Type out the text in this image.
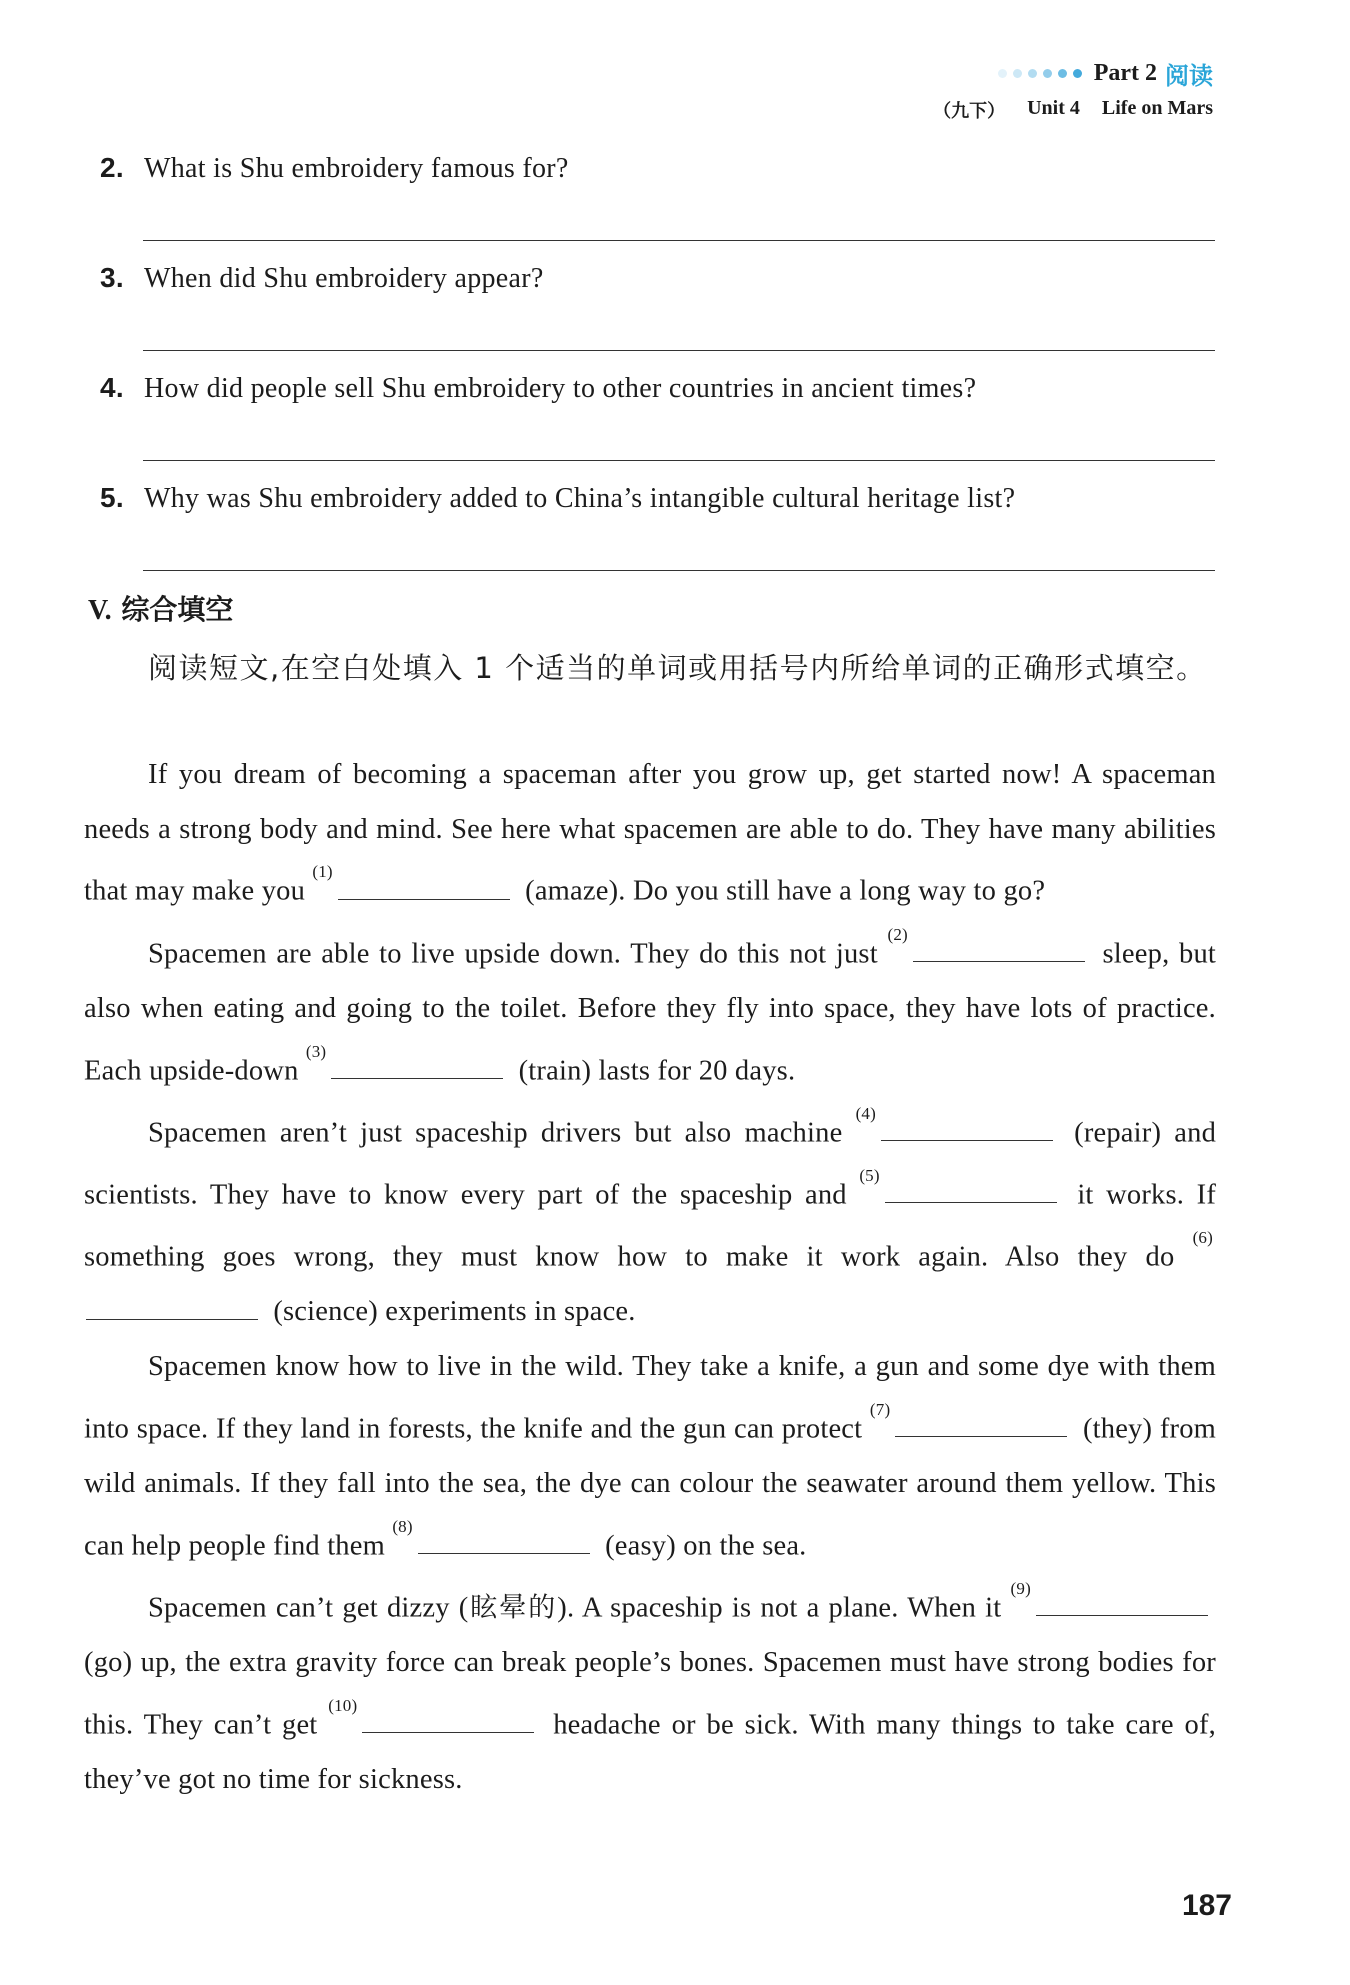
Part 2 阅读
（九下） Unit 4 Life on Mars
2. What is Shu embroidery famous for?
3. When did Shu embroidery appear?
4. How did people sell Shu embroidery to other countries in ancient times?
5. Why was Shu embroidery added to China’s intangible cultural heritage list?
V. 综合填空
阅读短文,在空白处填入 1 个适当的单词或用括号内所给单词的正确形式填空。

If you dream of becoming a spaceman after you grow up, get started now! A spaceman needs a strong body and mind. See here what spacemen are able to do. They have many abilities that may make you $^{(1)}$ (amaze). Do you still have a long way to go?

Spacemen are able to live upside down. They do this not just $^{(2)}$ sleep, but also when eating and going to the toilet. Before they fly into space, they have lots of practice. Each upside-down $^{(3)}$ (train) lasts for 20 days.

Spacemen aren’t just spaceship drivers but also machine $^{(4)}$ (repair) and scientists. They have to know every part of the spaceship and $^{(5)}$ it works. If something goes wrong, they must know how to make it work again. Also they do $^{(6)}$ (science) experiments in space.

Spacemen know how to live in the wild. They take a knife, a gun and some dye with them into space. If they land in forests, the knife and the gun can protect $^{(7)}$ (they) from wild animals. If they fall into the sea, the dye can colour the seawater around them yellow. This can help people find them $^{(8)}$ (easy) on the sea.

Spacemen can’t get dizzy (眩晕的). A spaceship is not a plane. When it $^{(9)}$ (go) up, the extra gravity force can break people’s bones. Spacemen must have strong bodies for this. They can’t get $^{(10)}$ headache or be sick. With many things to take care of, they’ve got no time for sickness.

187
